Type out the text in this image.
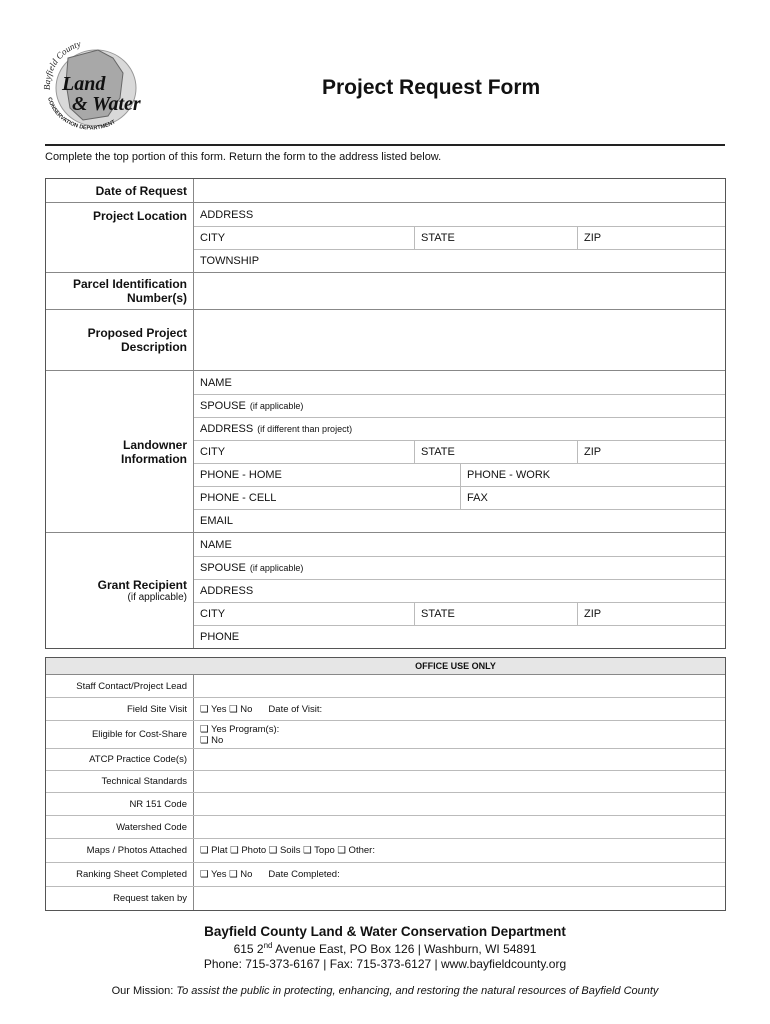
Bayfield County
Land
& Water
CONSERVATION DEPARTMENT
Project Request Form
Complete the top portion of this form. Return the form to the address listed below.
Date of Request
Project Location ADDRESS
CITY	STATE	ZIP
TOWNSHIP
Parcel Identification
Number(s)
Proposed Project
Description
Landowner
Information
NAME
SPOUSE (if applicable)
ADDRESS (if different than project)
CITY	STATE	ZIP
PHONE - HOME	PHONE - WORK
PHONE - CELL	FAX
EMAIL
Grant Recipient
(if applicable)
NAME
SPOUSE (if applicable)
ADDRESS
CITY	STATE	ZIP
PHONE
OFFICE USE ONLY
Staff Contact/Project Lead
Field Site Visit	❑ Yes ❑ No Date of Visit:
Eligible for Cost-Share	❑ Yes Program(s):
❑ No
ATCP Practice Code(s)
Technical Standards
NR 151 Code
Watershed Code
Maps / Photos Attached	❑ Plat ❑ Photo ❑ Soils ❑ Topo ❑ Other:
Ranking Sheet Completed	❑ Yes ❑ No Date Completed:
Request taken by
Bayfield County Land & Water Conservation Department
615 2nd Avenue East, PO Box 126 | Washburn, WI 54891
Phone: 715-373-6167 | Fax: 715-373-6127 | www.bayfieldcounty.org
Our Mission: To assist the public in protecting, enhancing, and restoring the natural resources of Bayfield County
